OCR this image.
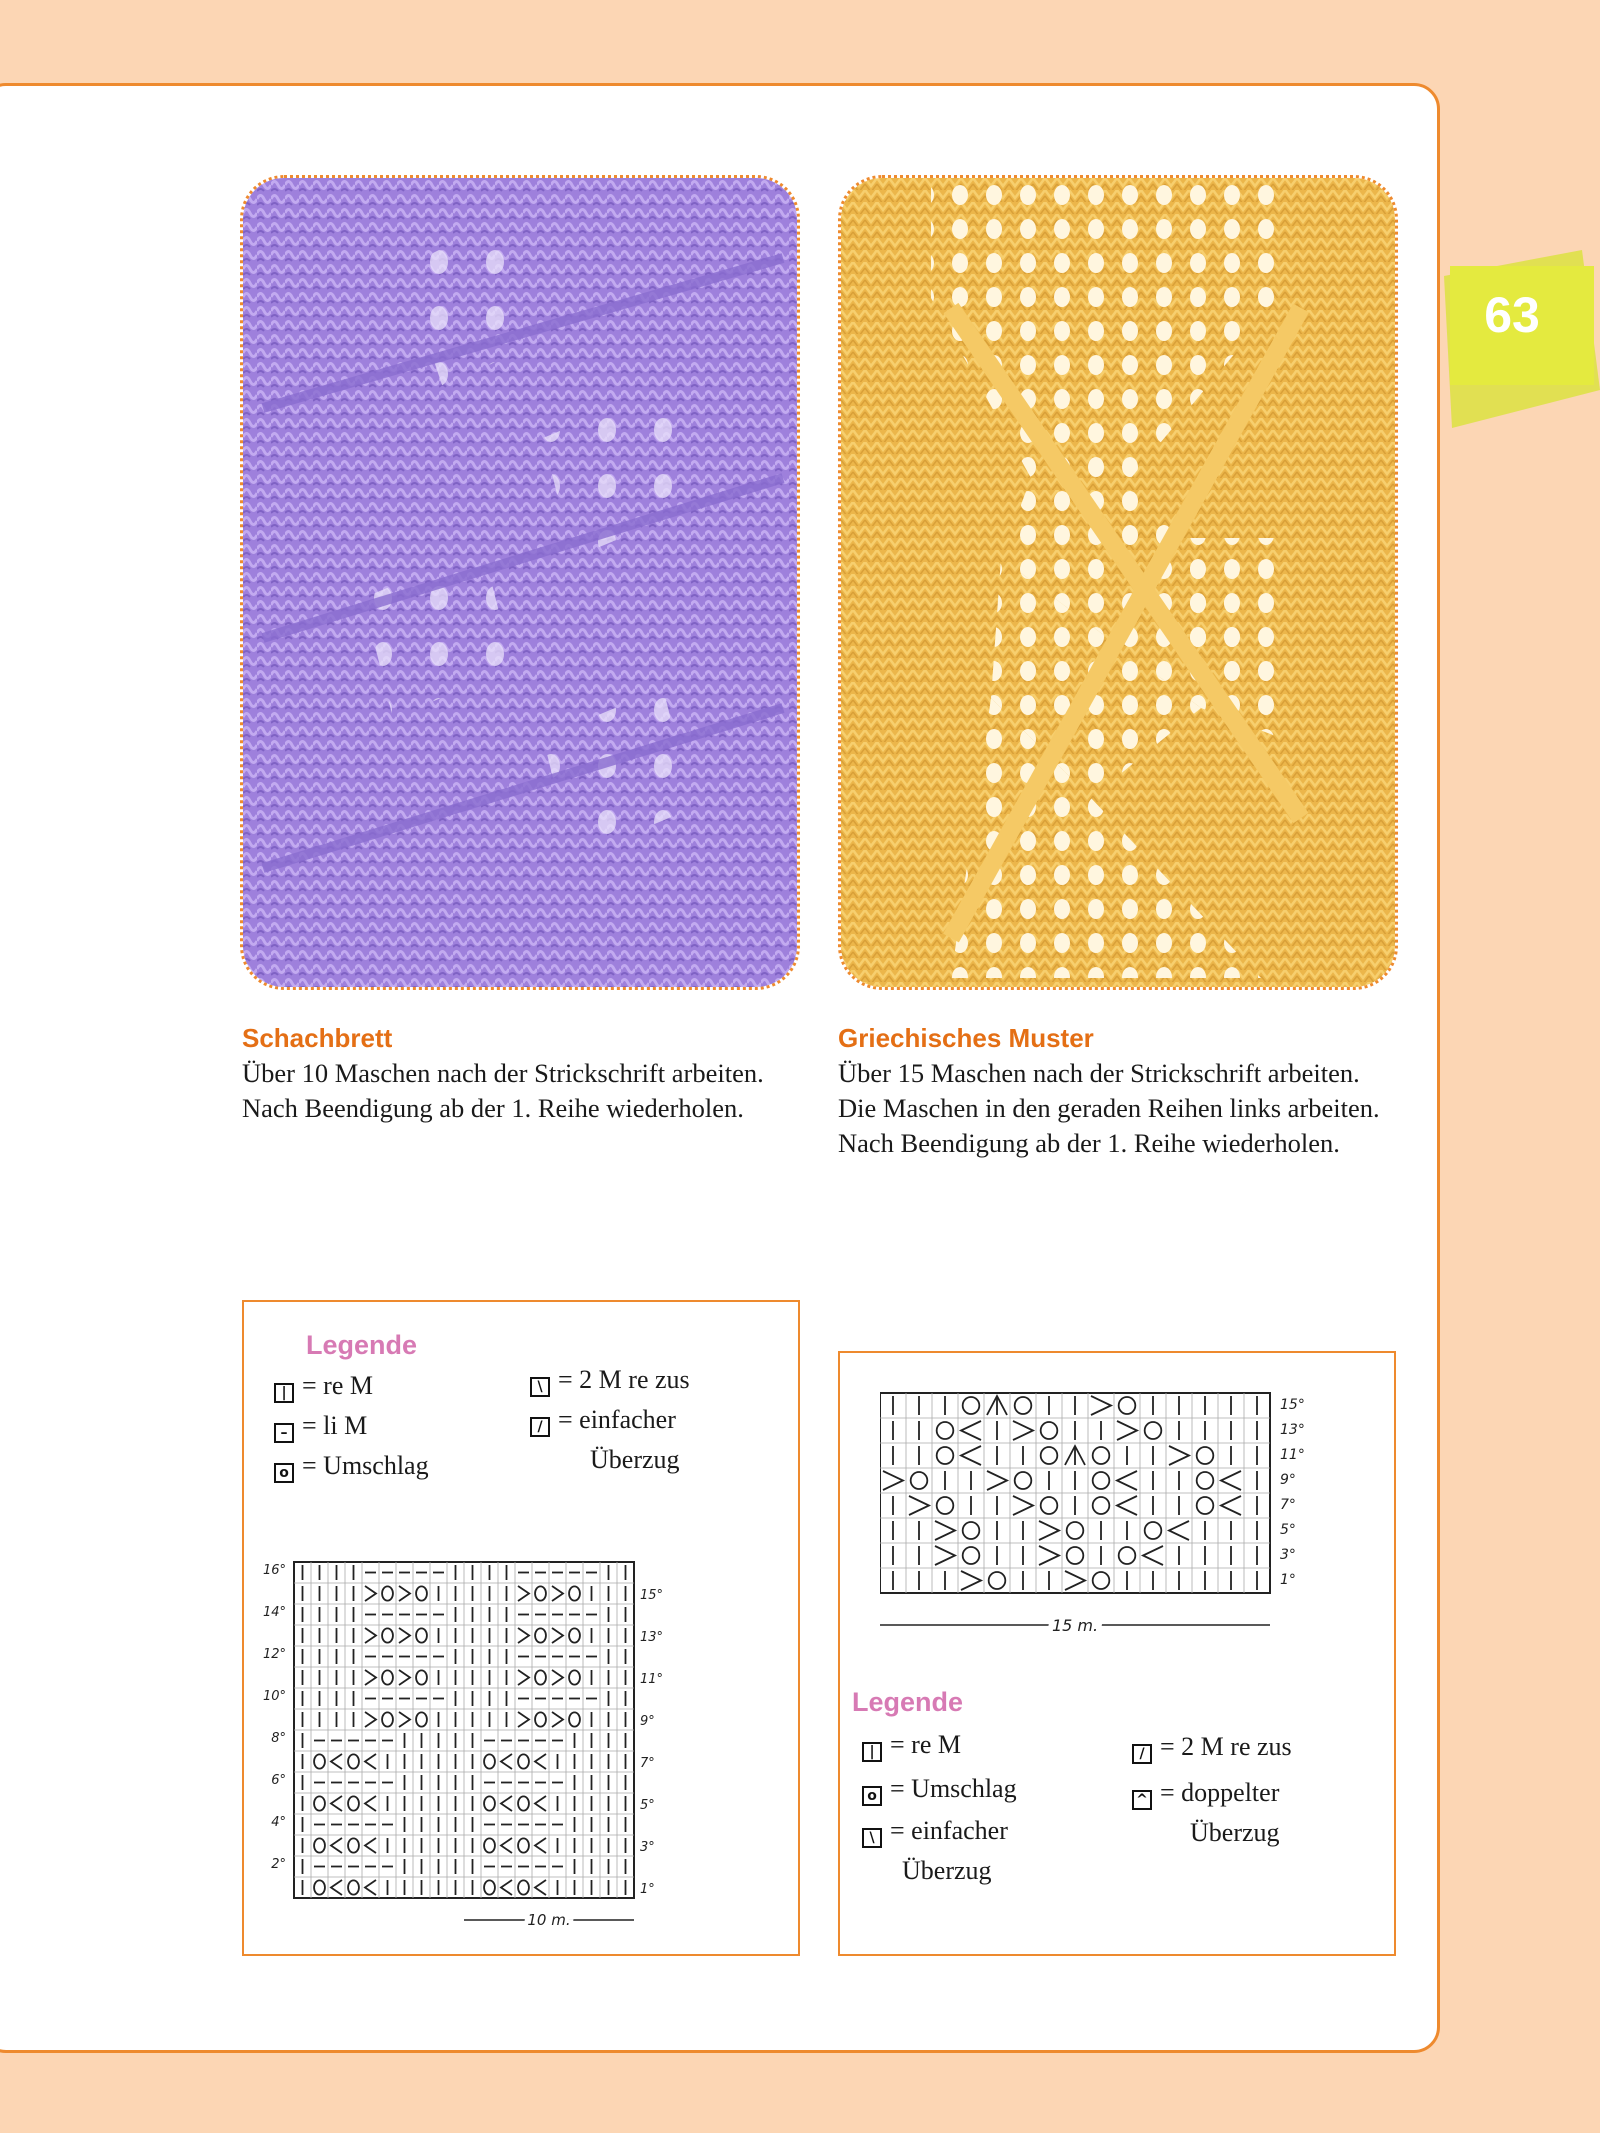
63
Schachbrett

Über 10 Maschen nach der Strickschrift arbeiten.

Nach Beendigung ab der 1. Reihe wiederholen.

Griechisches Muster

Über 15 Maschen nach der Strickschrift arbeiten.

Die Maschen in den geraden Reihen links arbeiten.

Nach Beendigung ab der 1. Reihe wiederholen.

Legende
| = re M
– = li M
o = Umschlag
\ = 2 M re zus
/ = einfacher
Überzug
16°
14°
12°
10°
8°
6°
4°
2°
15°
13°
11°
9°
7°
5°
3°
1°
10 m.
15°
13°
11°
9°
7°
5°
3°
1°
15 m.
Legende
| = re M
o = Umschlag
\ = einfacher
Überzug
/ = 2 M re zus
^ = doppelter
Überzug
